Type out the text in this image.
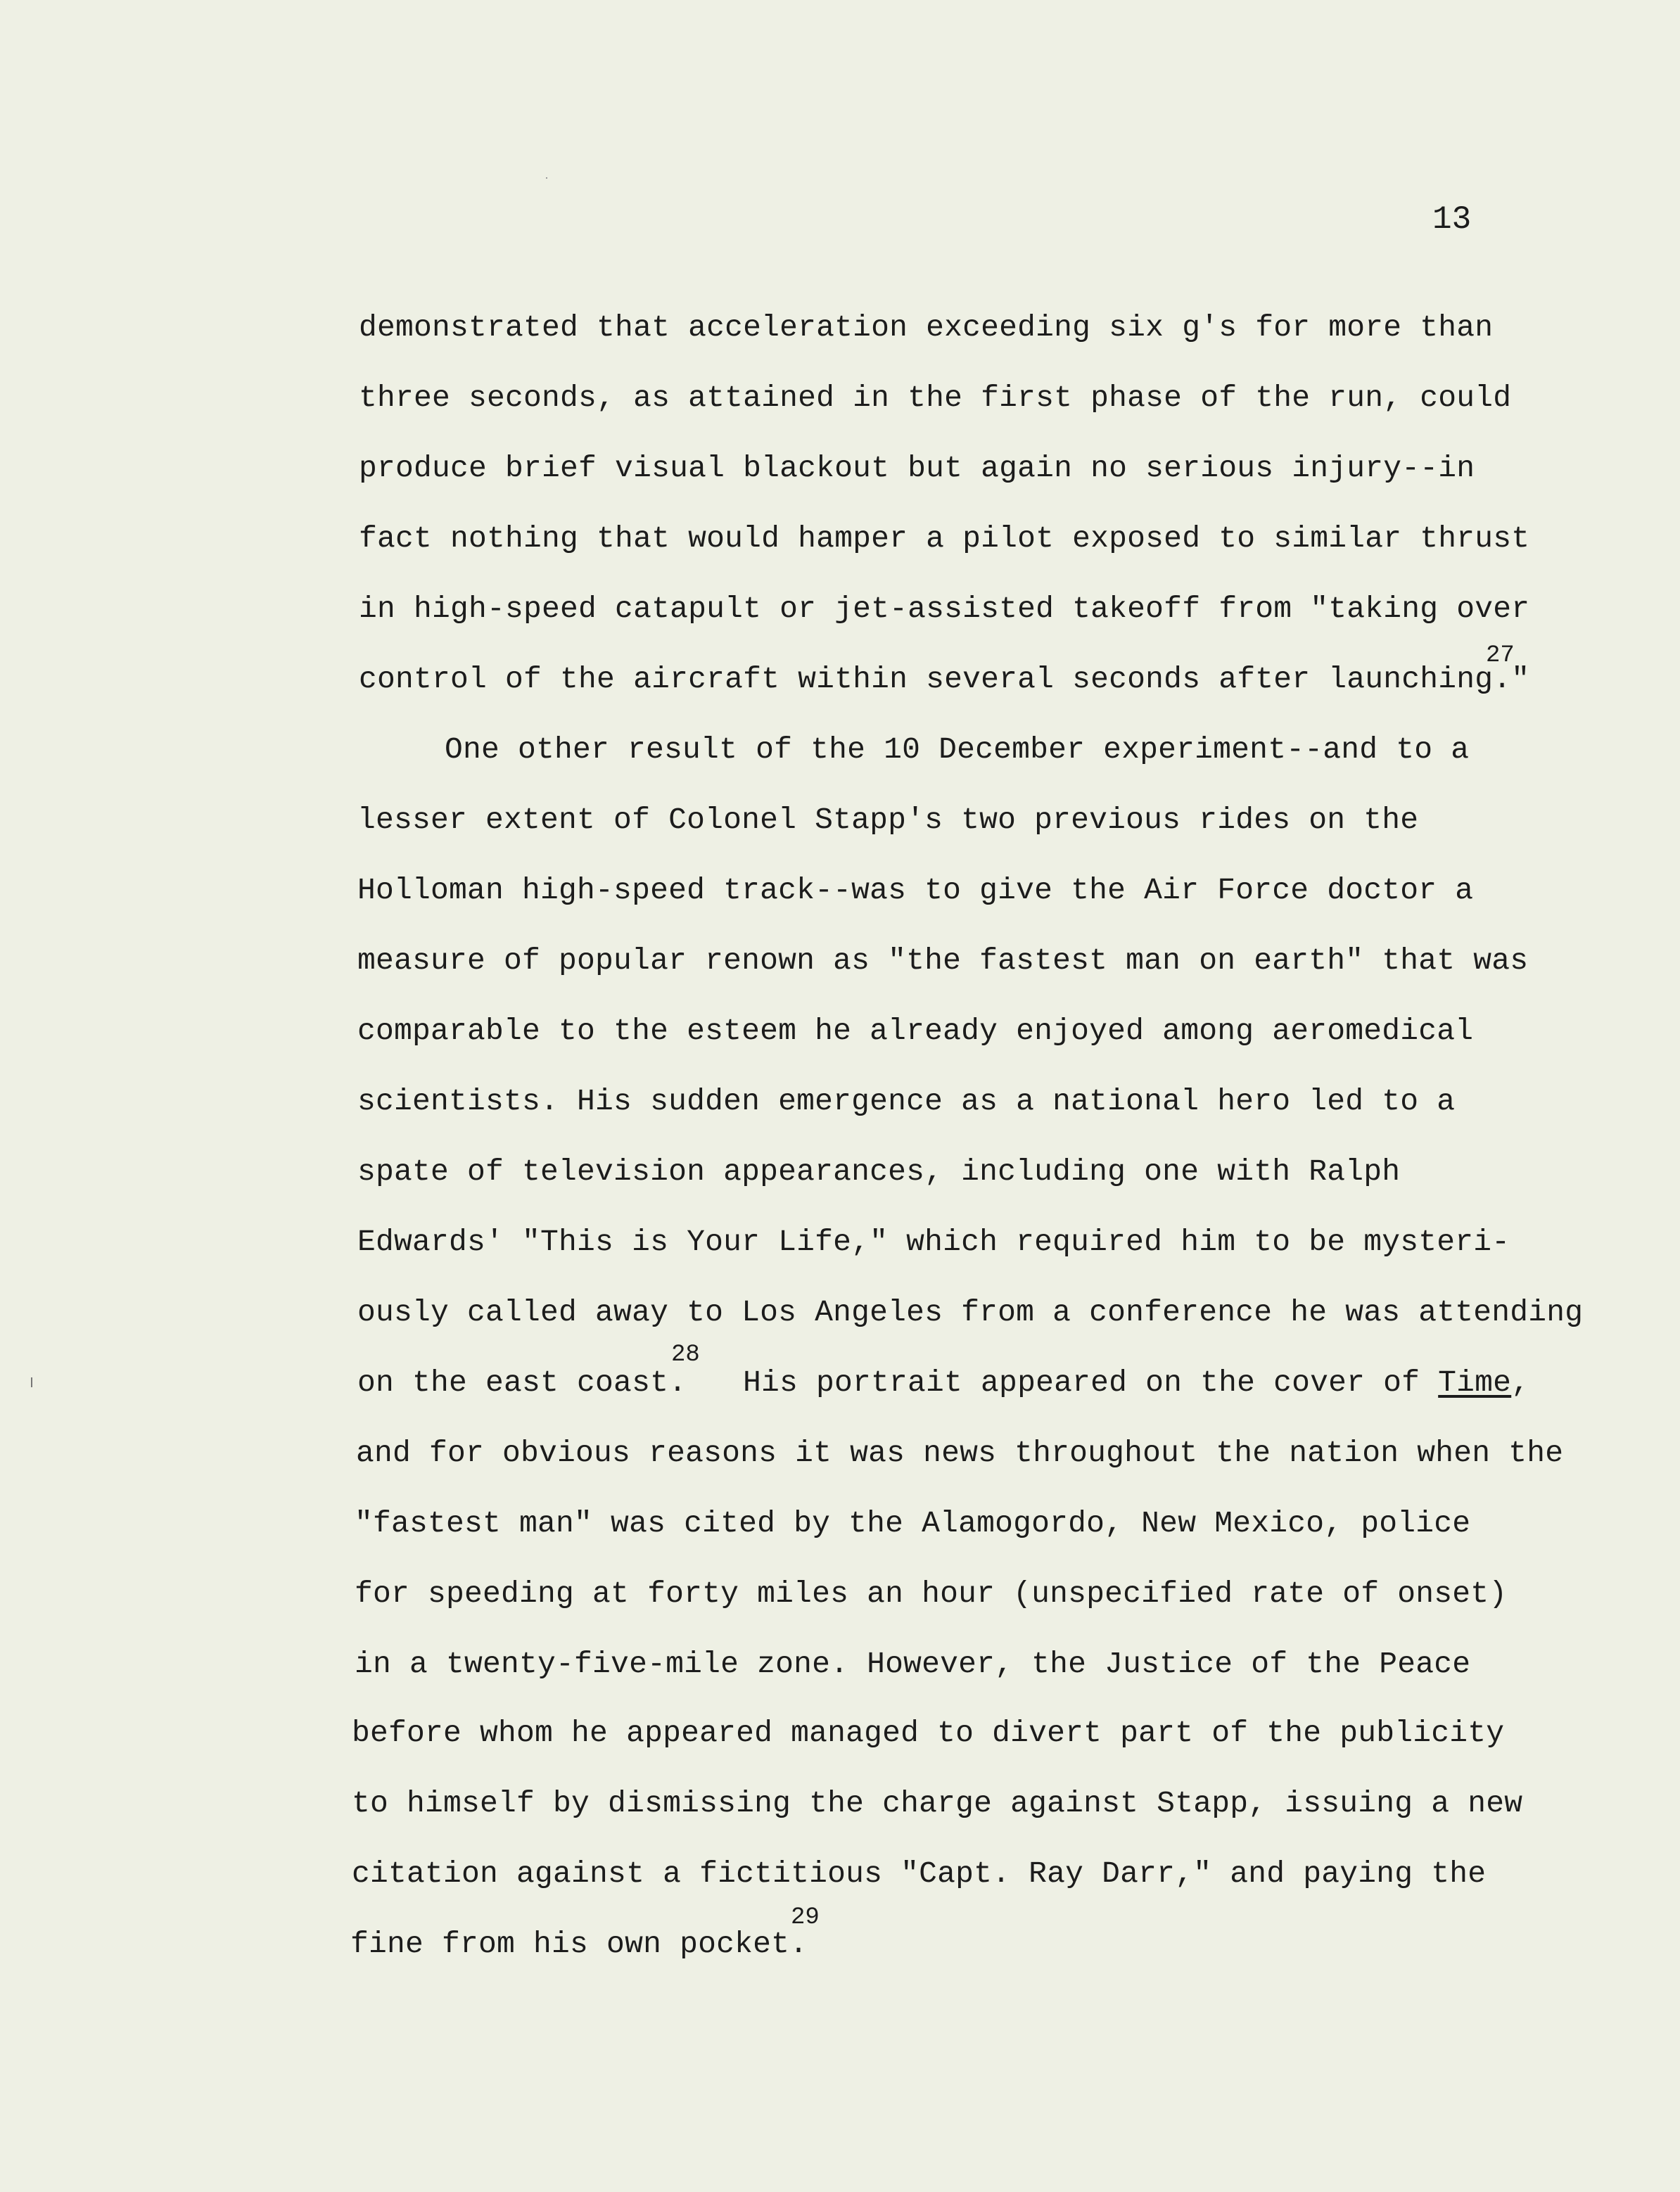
13
demonstrated that acceleration exceeding six g's for more than
three seconds, as attained in the first phase of the run, could
produce brief visual blackout but again no serious injury--in
fact nothing that would hamper a pilot exposed to similar thrust
in high-speed catapult or jet-assisted takeoff from "taking over
control of the aircraft within several seconds after launching."
27
One other result of the 10 December experiment--and to a
lesser extent of Colonel Stapp's two previous rides on the
Holloman high-speed track--was to give the Air Force doctor a
measure of popular renown as "the fastest man on earth" that was
comparable to the esteem he already enjoyed among aeromedical
scientists. His sudden emergence as a national hero led to a
spate of television appearances, including one with Ralph
Edwards' "This is Your Life," which required him to be mysteri-
ously called away to Los Angeles from a conference he was attending
on the east coast.
28
His portrait appeared on the cover of Time,
and for obvious reasons it was news throughout the nation when the
"fastest man" was cited by the Alamogordo, New Mexico, police
for speeding at forty miles an hour (unspecified rate of onset)
in a twenty-five-mile zone. However, the Justice of the Peace
before whom he appeared managed to divert part of the publicity
to himself by dismissing the charge against Stapp, issuing a new
citation against a fictitious "Capt. Ray Darr," and paying the
fine from his own pocket.
29
